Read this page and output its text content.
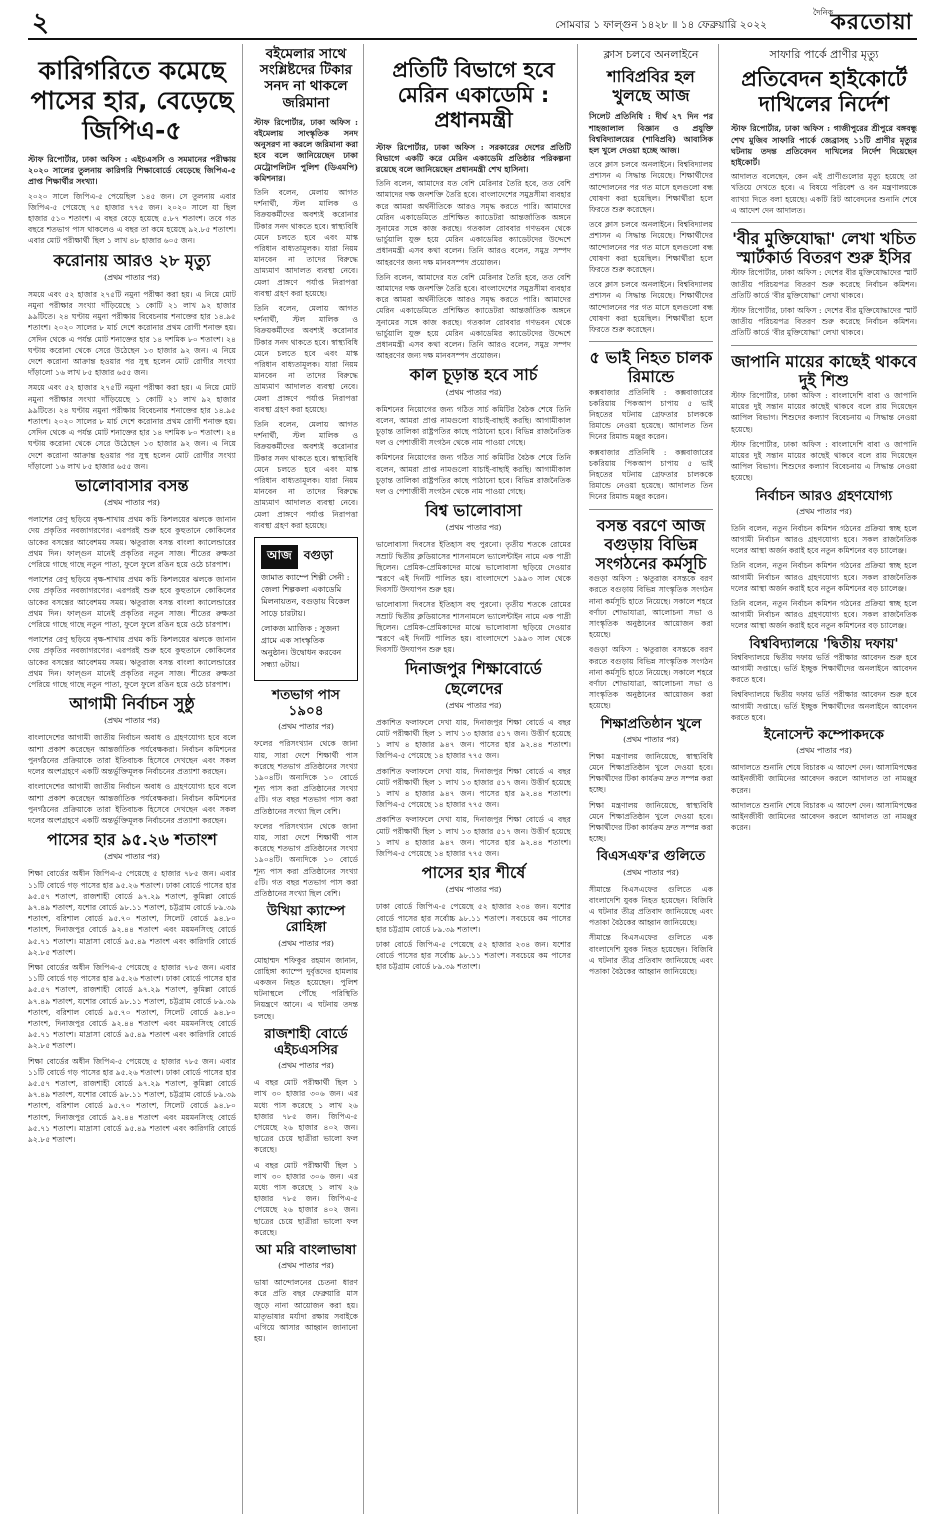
২	সোমবার ১ ফাল্গুন ১৪২৮ ॥ ১৪ ফেব্রুয়ারি ২০২২
দৈনিক
করতোয়া
কারিগরিতে কমেছে পাসের হার, বেড়েছে জিপিএ-৫
স্টাফ রিপোর্টার, ঢাকা অফিস : এইচএসসি ও সমমানের পরীক্ষায় ২০২০ সালের তুলনায় কারিগরি শিক্ষাবোর্ডে বেড়েছে জিপিএ-৫ প্রাপ্ত শিক্ষার্থীর সংখ্যা।
২০২০ সালে জিপিএ-৫ পেয়েছিল ১৪৫ জন। সে তুলনায় এবার জিপিএ-৫ পেয়েছে ৭৫ হাজার ৭৭৫ জন। ২০২০ সালে যা ছিল হাজার ৫১০ শতাংশ। এ বছর বেড়ে হয়েছে ৫.৮৭ শতাংশ। তবে গত বছরে শতভাগ পাস থাকলেও এ বছর তা কমে হয়েছে ৯২.৮৫ শতাংশ। এবার মোট পরীক্ষার্থী ছিল ১ লাখ ৪৮ হাজার ৬০৫ জন।
করোনায় আরও ২৮ মৃত্যু
(প্রথম পাতার পর)
সময়ে এবং ৫২ হাজার ২৭৫টি নমুনা পরীক্ষা করা হয়। এ নিয়ে মোট নমুনা পরীক্ষার সংখ্যা দাঁড়িয়েছে ১ কোটি ২১ লাখ ৯২ হাজার ৯৯টিতে। ২৪ ঘণ্টায় নমুনা পরীক্ষায় বিবেচনায় শনাক্তের হার ১৪.৯৫ শতাংশ। ২০২০ সালের ৮ মার্চ দেশে করোনার প্রথম রোগী শনাক্ত হয়। সেদিন থেকে এ পর্যন্ত মোট শনাক্তের হার ১৪ দশমিক ৮০ শতাংশ। ২৪ ঘণ্টায় করোনা থেকে সেরে উঠেছেন ১৩ হাজার ৯২ জন। এ নিয়ে দেশে করোনা আক্রান্ত হওয়ার পর সুস্থ হলেন মোট রোগীর সংখ্যা দাঁড়ালো ১৬ লাখ ৮৫ হাজার ৬৫৫ জন।
সময়ে এবং ৫২ হাজার ২৭৫টি নমুনা পরীক্ষা করা হয়। এ নিয়ে মোট নমুনা পরীক্ষার সংখ্যা দাঁড়িয়েছে ১ কোটি ২১ লাখ ৯২ হাজার ৯৯টিতে। ২৪ ঘণ্টায় নমুনা পরীক্ষায় বিবেচনায় শনাক্তের হার ১৪.৯৫ শতাংশ। ২০২০ সালের ৮ মার্চ দেশে করোনার প্রথম রোগী শনাক্ত হয়। সেদিন থেকে এ পর্যন্ত মোট শনাক্তের হার ১৪ দশমিক ৮০ শতাংশ। ২৪ ঘণ্টায় করোনা থেকে সেরে উঠেছেন ১৩ হাজার ৯২ জন। এ নিয়ে দেশে করোনা আক্রান্ত হওয়ার পর সুস্থ হলেন মোট রোগীর সংখ্যা দাঁড়ালো ১৬ লাখ ৮৫ হাজার ৬৫৫ জন।
ভালোবাসার বসন্ত
(প্রথম পাতার পর)
পলাশের রেণু ছড়িয়ে বৃক্ষ-শাখায় প্রথম কচি কিশলয়ের ঝলকে জানান দেয় প্রকৃতির নবজাগরণের। এরপরই শুরু হবে কুহুতানে কোকিলের ডাকের বসন্তের আবেশময় সময়। ঋতুরাজ বসন্ত বাংলা ক্যালেন্ডারের প্রথম দিন। ফাল্গুন মানেই প্রকৃতির নতুন সাজ। শীতের রুক্ষতা পেরিয়ে গাছে গাছে নতুন পাতা, ফুলে ফুলে রঙিন হয়ে ওঠে চারপাশ।
পলাশের রেণু ছড়িয়ে বৃক্ষ-শাখায় প্রথম কচি কিশলয়ের ঝলকে জানান দেয় প্রকৃতির নবজাগরণের। এরপরই শুরু হবে কুহুতানে কোকিলের ডাকের বসন্তের আবেশময় সময়। ঋতুরাজ বসন্ত বাংলা ক্যালেন্ডারের প্রথম দিন। ফাল্গুন মানেই প্রকৃতির নতুন সাজ। শীতের রুক্ষতা পেরিয়ে গাছে গাছে নতুন পাতা, ফুলে ফুলে রঙিন হয়ে ওঠে চারপাশ।
পলাশের রেণু ছড়িয়ে বৃক্ষ-শাখায় প্রথম কচি কিশলয়ের ঝলকে জানান দেয় প্রকৃতির নবজাগরণের। এরপরই শুরু হবে কুহুতানে কোকিলের ডাকের বসন্তের আবেশময় সময়। ঋতুরাজ বসন্ত বাংলা ক্যালেন্ডারের প্রথম দিন। ফাল্গুন মানেই প্রকৃতির নতুন সাজ। শীতের রুক্ষতা পেরিয়ে গাছে গাছে নতুন পাতা, ফুলে ফুলে রঙিন হয়ে ওঠে চারপাশ।
আগামী নির্বাচন সুষ্ঠু
(প্রথম পাতার পর)
বাংলাদেশের আগামী জাতীয় নির্বাচন অবাধ ও গ্রহণযোগ্য হবে বলে আশা প্রকাশ করেছেন আন্তর্জাতিক পর্যবেক্ষকরা। নির্বাচন কমিশনের পুনর্গঠনের প্রক্রিয়াকে তারা ইতিবাচক হিসেবে দেখছেন এবং সকল দলের অংশগ্রহণে একটি অন্তর্ভুক্তিমূলক নির্বাচনের প্রত্যাশা করছেন।
বাংলাদেশের আগামী জাতীয় নির্বাচন অবাধ ও গ্রহণযোগ্য হবে বলে আশা প্রকাশ করেছেন আন্তর্জাতিক পর্যবেক্ষকরা। নির্বাচন কমিশনের পুনর্গঠনের প্রক্রিয়াকে তারা ইতিবাচক হিসেবে দেখছেন এবং সকল দলের অংশগ্রহণে একটি অন্তর্ভুক্তিমূলক নির্বাচনের প্রত্যাশা করছেন।
পাসের হার ৯৫.২৬ শতাংশ
(প্রথম পাতার পর)
শিক্ষা বোর্ডের অধীন জিপিএ-৫ পেয়েছে ৫ হাজার ৭৮৫ জন। এবার ১১টি বোর্ডে গড় পাসের হার ৯৫.২৬ শতাংশ। ঢাকা বোর্ডে পাসের হার ৯৫.৫৭ শতাংশ, রাজশাহী বোর্ডে ৯৭.২৯ শতাংশ, কুমিল্লা বোর্ডে ৯৭.৪৯ শতাংশ, যশোর বোর্ডে ৯৮.১১ শতাংশ, চট্টগ্রাম বোর্ডে ৮৯.৩৯ শতাংশ, বরিশাল বোর্ডে ৯৫.৭০ শতাংশ, সিলেট বোর্ডে ৯৪.৮০ শতাংশ, দিনাজপুর বোর্ডে ৯২.৪৪ শতাংশ এবং ময়মনসিংহ বোর্ডে ৯৫.৭১ শতাংশ। মাদ্রাসা বোর্ডে ৯৫.৪৯ শতাংশ এবং কারিগরি বোর্ডে ৯২.৮৫ শতাংশ।
শিক্ষা বোর্ডের অধীন জিপিএ-৫ পেয়েছে ৫ হাজার ৭৮৫ জন। এবার ১১টি বোর্ডে গড় পাসের হার ৯৫.২৬ শতাংশ। ঢাকা বোর্ডে পাসের হার ৯৫.৫৭ শতাংশ, রাজশাহী বোর্ডে ৯৭.২৯ শতাংশ, কুমিল্লা বোর্ডে ৯৭.৪৯ শতাংশ, যশোর বোর্ডে ৯৮.১১ শতাংশ, চট্টগ্রাম বোর্ডে ৮৯.৩৯ শতাংশ, বরিশাল বোর্ডে ৯৫.৭০ শতাংশ, সিলেট বোর্ডে ৯৪.৮০ শতাংশ, দিনাজপুর বোর্ডে ৯২.৪৪ শতাংশ এবং ময়মনসিংহ বোর্ডে ৯৫.৭১ শতাংশ। মাদ্রাসা বোর্ডে ৯৫.৪৯ শতাংশ এবং কারিগরি বোর্ডে ৯২.৮৫ শতাংশ।
শিক্ষা বোর্ডের অধীন জিপিএ-৫ পেয়েছে ৫ হাজার ৭৮৫ জন। এবার ১১টি বোর্ডে গড় পাসের হার ৯৫.২৬ শতাংশ। ঢাকা বোর্ডে পাসের হার ৯৫.৫৭ শতাংশ, রাজশাহী বোর্ডে ৯৭.২৯ শতাংশ, কুমিল্লা বোর্ডে ৯৭.৪৯ শতাংশ, যশোর বোর্ডে ৯৮.১১ শতাংশ, চট্টগ্রাম বোর্ডে ৮৯.৩৯ শতাংশ, বরিশাল বোর্ডে ৯৫.৭০ শতাংশ, সিলেট বোর্ডে ৯৪.৮০ শতাংশ, দিনাজপুর বোর্ডে ৯২.৪৪ শতাংশ এবং ময়মনসিংহ বোর্ডে ৯৫.৭১ শতাংশ। মাদ্রাসা বোর্ডে ৯৫.৪৯ শতাংশ এবং কারিগরি বোর্ডে ৯২.৮৫ শতাংশ।
বইমেলার সাথে সংশ্লিষ্টদের টিকার সনদ না থাকলে জরিমানা
স্টাফ রিপোর্টার, ঢাকা অফিস : বইমেলায় সাংস্কৃতিক সনদ অনুসরণ না করলে জরিমানা করা হবে বলে জানিয়েছেন ঢাকা মেট্রোপলিটন পুলিশ (ডিএমপি) কমিশনার।
তিনি বলেন, মেলায় আগত দর্শনার্থী, স্টল মালিক ও বিক্রয়কর্মীদের অবশ্যই করোনার টিকার সনদ থাকতে হবে। স্বাস্থ্যবিধি মেনে চলতে হবে এবং মাস্ক পরিধান বাধ্যতামূলক। যারা নিয়ম মানবেন না তাদের বিরুদ্ধে ভ্রাম্যমাণ আদালত ব্যবস্থা নেবে। মেলা প্রাঙ্গণে পর্যাপ্ত নিরাপত্তা ব্যবস্থা গ্রহণ করা হয়েছে।
তিনি বলেন, মেলায় আগত দর্শনার্থী, স্টল মালিক ও বিক্রয়কর্মীদের অবশ্যই করোনার টিকার সনদ থাকতে হবে। স্বাস্থ্যবিধি মেনে চলতে হবে এবং মাস্ক পরিধান বাধ্যতামূলক। যারা নিয়ম মানবেন না তাদের বিরুদ্ধে ভ্রাম্যমাণ আদালত ব্যবস্থা নেবে। মেলা প্রাঙ্গণে পর্যাপ্ত নিরাপত্তা ব্যবস্থা গ্রহণ করা হয়েছে।
তিনি বলেন, মেলায় আগত দর্শনার্থী, স্টল মালিক ও বিক্রয়কর্মীদের অবশ্যই করোনার টিকার সনদ থাকতে হবে। স্বাস্থ্যবিধি মেনে চলতে হবে এবং মাস্ক পরিধান বাধ্যতামূলক। যারা নিয়ম মানবেন না তাদের বিরুদ্ধে ভ্রাম্যমাণ আদালত ব্যবস্থা নেবে। মেলা প্রাঙ্গণে পর্যাপ্ত নিরাপত্তা ব্যবস্থা গ্রহণ করা হয়েছে।
আজ বগুড়া
জামাত ক্যাম্পে শিল্পী সেনী : জেলা শিল্পকলা একাডেমি মিলনায়তন, বগুড়ায় বিকেল সাড়ে চারটায়।
লোকজ ম্যাজিক : সুজনা গ্রামে এক সাংস্কৃতিক অনুষ্ঠান। উদ্বোধন করবেন সন্ধ্যা ৬টায়।
শতভাগ পাস ১৯০৪
(প্রথম পাতার পর)
ফলের পরিসংখ্যান থেকে জানা যায়, সারা দেশে শিক্ষার্থী পাস করেছে শতভাগ প্রতিষ্ঠানের সংখ্যা ১৯০৪টি। অন্যদিকে ১০ বোর্ডে শূন্য পাস করা প্রতিষ্ঠানের সংখ্যা ৫টি। গত বছর শতভাগ পাস করা প্রতিষ্ঠানের সংখ্যা ছিল বেশি।
ফলের পরিসংখ্যান থেকে জানা যায়, সারা দেশে শিক্ষার্থী পাস করেছে শতভাগ প্রতিষ্ঠানের সংখ্যা ১৯০৪টি। অন্যদিকে ১০ বোর্ডে শূন্য পাস করা প্রতিষ্ঠানের সংখ্যা ৫টি। গত বছর শতভাগ পাস করা প্রতিষ্ঠানের সংখ্যা ছিল বেশি।
উখিয়া ক্যাম্পে রোহিঙ্গা
(প্রথম পাতার পর)
মোহাম্মদ শফিকুর রহমান জানান, রোহিঙ্গা ক্যাম্পে দুর্বৃত্তদের হামলায় একজন নিহত হয়েছেন। পুলিশ ঘটনাস্থলে পৌঁছে পরিস্থিতি নিয়ন্ত্রণে আনে। এ ঘটনায় তদন্ত চলছে।
রাজশাহী বোর্ডে এইচএসসির
(প্রথম পাতার পর)
এ বছর মোট পরীক্ষার্থী ছিল ১ লাখ ৩০ হাজার ৩০৬ জন। এর মধ্যে পাস করেছে ১ লাখ ২৬ হাজার ৭৮৫ জন। জিপিএ-৫ পেয়েছে ২৬ হাজার ৪০২ জন। ছাত্রের চেয়ে ছাত্রীরা ভালো ফল করেছে।
এ বছর মোট পরীক্ষার্থী ছিল ১ লাখ ৩০ হাজার ৩০৬ জন। এর মধ্যে পাস করেছে ১ লাখ ২৬ হাজার ৭৮৫ জন। জিপিএ-৫ পেয়েছে ২৬ হাজার ৪০২ জন। ছাত্রের চেয়ে ছাত্রীরা ভালো ফল করেছে।
আ মরি বাংলাভাষা
(প্রথম পাতার পর)
ভাষা আন্দোলনের চেতনা ধারণ করে প্রতি বছর ফেব্রুয়ারি মাস জুড়ে নানা আয়োজন করা হয়। মাতৃভাষার মর্যাদা রক্ষায় সবাইকে এগিয়ে আসার আহ্বান জানানো হয়।
প্রতিটি বিভাগে হবে মেরিন একাডেমি : প্রধানমন্ত্রী
স্টাফ রিপোর্টার, ঢাকা অফিস : সরকারের দেশের প্রতিটি বিভাগে একটি করে মেরিন একাডেমি প্রতিষ্ঠার পরিকল্পনা রয়েছে বলে জানিয়েছেন প্রধানমন্ত্রী শেখ হাসিনা।
তিনি বলেন, আমাদের যত বেশি মেরিনার তৈরি হবে, তত বেশি আমাদের দক্ষ জনশক্তি তৈরি হবে। বাংলাদেশের সমুদ্রসীমা ব্যবহার করে আমরা অর্থনীতিকে আরও সমৃদ্ধ করতে পারি। আমাদের মেরিন একাডেমিতে প্রশিক্ষিত ক্যাডেটরা আন্তর্জাতিক অঙ্গনে সুনামের সঙ্গে কাজ করছে। গতকাল রোববার গণভবন থেকে ভার্চুয়ালি যুক্ত হয়ে মেরিন একাডেমির ক্যাডেটদের উদ্দেশে প্রধানমন্ত্রী এসব কথা বলেন। তিনি আরও বলেন, সমুদ্র সম্পদ আহরণের জন্য দক্ষ মানবসম্পদ প্রয়োজন।
তিনি বলেন, আমাদের যত বেশি মেরিনার তৈরি হবে, তত বেশি আমাদের দক্ষ জনশক্তি তৈরি হবে। বাংলাদেশের সমুদ্রসীমা ব্যবহার করে আমরা অর্থনীতিকে আরও সমৃদ্ধ করতে পারি। আমাদের মেরিন একাডেমিতে প্রশিক্ষিত ক্যাডেটরা আন্তর্জাতিক অঙ্গনে সুনামের সঙ্গে কাজ করছে। গতকাল রোববার গণভবন থেকে ভার্চুয়ালি যুক্ত হয়ে মেরিন একাডেমির ক্যাডেটদের উদ্দেশে প্রধানমন্ত্রী এসব কথা বলেন। তিনি আরও বলেন, সমুদ্র সম্পদ আহরণের জন্য দক্ষ মানবসম্পদ প্রয়োজন।
কাল চূড়ান্ত হবে সার্চ
(প্রথম পাতার পর)
কমিশনের নিয়োগের জন্য গঠিত সার্চ কমিটির বৈঠক শেষে তিনি বলেন, আমরা প্রাপ্ত নামগুলো যাচাই-বাছাই করছি। আগামীকাল চূড়ান্ত তালিকা রাষ্ট্রপতির কাছে পাঠানো হবে। বিভিন্ন রাজনৈতিক দল ও পেশাজীবী সংগঠন থেকে নাম পাওয়া গেছে।
কমিশনের নিয়োগের জন্য গঠিত সার্চ কমিটির বৈঠক শেষে তিনি বলেন, আমরা প্রাপ্ত নামগুলো যাচাই-বাছাই করছি। আগামীকাল চূড়ান্ত তালিকা রাষ্ট্রপতির কাছে পাঠানো হবে। বিভিন্ন রাজনৈতিক দল ও পেশাজীবী সংগঠন থেকে নাম পাওয়া গেছে।
বিশ্ব ভালোবাসা
(প্রথম পাতার পর)
ভালোবাসা দিবসের ইতিহাস বহু পুরনো। তৃতীয় শতকে রোমের সম্রাট দ্বিতীয় ক্লডিয়াসের শাসনামলে ভ্যালেন্টাইন নামে এক পাদ্রী ছিলেন। প্রেমিক-প্রেমিকাদের মাঝে ভালোবাসা ছড়িয়ে দেওয়ার স্মরণে এই দিনটি পালিত হয়। বাংলাদেশে ১৯৯৩ সাল থেকে দিবসটি উদযাপন শুরু হয়।
ভালোবাসা দিবসের ইতিহাস বহু পুরনো। তৃতীয় শতকে রোমের সম্রাট দ্বিতীয় ক্লডিয়াসের শাসনামলে ভ্যালেন্টাইন নামে এক পাদ্রী ছিলেন। প্রেমিক-প্রেমিকাদের মাঝে ভালোবাসা ছড়িয়ে দেওয়ার স্মরণে এই দিনটি পালিত হয়। বাংলাদেশে ১৯৯৩ সাল থেকে দিবসটি উদযাপন শুরু হয়।
দিনাজপুর শিক্ষাবোর্ডে ছেলেদের
(প্রথম পাতার পর)
প্রকাশিত ফলাফলে দেখা যায়, দিনাজপুর শিক্ষা বোর্ডে এ বছর মোট পরীক্ষার্থী ছিল ১ লাখ ১৩ হাজার ৫১৭ জন। উত্তীর্ণ হয়েছে ১ লাখ ৪ হাজার ৯৪৭ জন। পাসের হার ৯২.৪৪ শতাংশ। জিপিএ-৫ পেয়েছে ১৪ হাজার ৭৭৫ জন।
প্রকাশিত ফলাফলে দেখা যায়, দিনাজপুর শিক্ষা বোর্ডে এ বছর মোট পরীক্ষার্থী ছিল ১ লাখ ১৩ হাজার ৫১৭ জন। উত্তীর্ণ হয়েছে ১ লাখ ৪ হাজার ৯৪৭ জন। পাসের হার ৯২.৪৪ শতাংশ। জিপিএ-৫ পেয়েছে ১৪ হাজার ৭৭৫ জন।
প্রকাশিত ফলাফলে দেখা যায়, দিনাজপুর শিক্ষা বোর্ডে এ বছর মোট পরীক্ষার্থী ছিল ১ লাখ ১৩ হাজার ৫১৭ জন। উত্তীর্ণ হয়েছে ১ লাখ ৪ হাজার ৯৪৭ জন। পাসের হার ৯২.৪৪ শতাংশ। জিপিএ-৫ পেয়েছে ১৪ হাজার ৭৭৫ জন।
পাসের হার শীর্ষে
(প্রথম পাতার পর)
ঢাকা বোর্ডে জিপিএ-৫ পেয়েছে ৫২ হাজার ২৩৪ জন। যশোর বোর্ডে পাসের হার সর্বোচ্চ ৯৮.১১ শতাংশ। সবচেয়ে কম পাসের হার চট্টগ্রাম বোর্ডে ৮৯.৩৯ শতাংশ।
ঢাকা বোর্ডে জিপিএ-৫ পেয়েছে ৫২ হাজার ২৩৪ জন। যশোর বোর্ডে পাসের হার সর্বোচ্চ ৯৮.১১ শতাংশ। সবচেয়ে কম পাসের হার চট্টগ্রাম বোর্ডে ৮৯.৩৯ শতাংশ।
ক্লাস চলবে অনলাইনে
শাবিপ্রবির হল খুলছে আজ
সিলেট প্রতিনিধি : দীর্ঘ ২৭ দিন পর শাহজালাল বিজ্ঞান ও প্রযুক্তি বিশ্ববিদ্যালয়ের (শাবিপ্রবি) আবাসিক হল খুলে দেওয়া হচ্ছে আজ।
তবে ক্লাস চলবে অনলাইনে। বিশ্ববিদ্যালয় প্রশাসন এ সিদ্ধান্ত নিয়েছে। শিক্ষার্থীদের আন্দোলনের পর গত মাসে হলগুলো বন্ধ ঘোষণা করা হয়েছিল। শিক্ষার্থীরা হলে ফিরতে শুরু করেছেন।
তবে ক্লাস চলবে অনলাইনে। বিশ্ববিদ্যালয় প্রশাসন এ সিদ্ধান্ত নিয়েছে। শিক্ষার্থীদের আন্দোলনের পর গত মাসে হলগুলো বন্ধ ঘোষণা করা হয়েছিল। শিক্ষার্থীরা হলে ফিরতে শুরু করেছেন।
তবে ক্লাস চলবে অনলাইনে। বিশ্ববিদ্যালয় প্রশাসন এ সিদ্ধান্ত নিয়েছে। শিক্ষার্থীদের আন্দোলনের পর গত মাসে হলগুলো বন্ধ ঘোষণা করা হয়েছিল। শিক্ষার্থীরা হলে ফিরতে শুরু করেছেন।
৫ ভাই নিহত চালক রিমান্ডে
কক্সবাজার প্রতিনিধি : কক্সবাজারের চকরিয়ায় পিকআপ চাপায় ৫ ভাই নিহতের ঘটনায় গ্রেফতার চালককে রিমান্ডে নেওয়া হয়েছে। আদালত তিন দিনের রিমান্ড মঞ্জুর করেন।
কক্সবাজার প্রতিনিধি : কক্সবাজারের চকরিয়ায় পিকআপ চাপায় ৫ ভাই নিহতের ঘটনায় গ্রেফতার চালককে রিমান্ডে নেওয়া হয়েছে। আদালত তিন দিনের রিমান্ড মঞ্জুর করেন।
বসন্ত বরণে আজ বগুড়ায় বিভিন্ন সংগঠনের কর্মসূচি
বগুড়া অফিস : ঋতুরাজ বসন্তকে বরণ করতে বগুড়ায় বিভিন্ন সাংস্কৃতিক সংগঠন নানা কর্মসূচি হাতে নিয়েছে। সকালে শহরে বর্ণাঢ্য শোভাযাত্রা, আলোচনা সভা ও সাংস্কৃতিক অনুষ্ঠানের আয়োজন করা হয়েছে।
বগুড়া অফিস : ঋতুরাজ বসন্তকে বরণ করতে বগুড়ায় বিভিন্ন সাংস্কৃতিক সংগঠন নানা কর্মসূচি হাতে নিয়েছে। সকালে শহরে বর্ণাঢ্য শোভাযাত্রা, আলোচনা সভা ও সাংস্কৃতিক অনুষ্ঠানের আয়োজন করা হয়েছে।
শিক্ষাপ্রতিষ্ঠান খুলে
(প্রথম পাতার পর)
শিক্ষা মন্ত্রণালয় জানিয়েছে, স্বাস্থ্যবিধি মেনে শিক্ষাপ্রতিষ্ঠান খুলে দেওয়া হবে। শিক্ষার্থীদের টিকা কার্যক্রম দ্রুত সম্পন্ন করা হচ্ছে।
শিক্ষা মন্ত্রণালয় জানিয়েছে, স্বাস্থ্যবিধি মেনে শিক্ষাপ্রতিষ্ঠান খুলে দেওয়া হবে। শিক্ষার্থীদের টিকা কার্যক্রম দ্রুত সম্পন্ন করা হচ্ছে।
বিএসএফ'র গুলিতে
(প্রথম পাতার পর)
সীমান্তে বিএসএফের গুলিতে এক বাংলাদেশি যুবক নিহত হয়েছেন। বিজিবি এ ঘটনার তীব্র প্রতিবাদ জানিয়েছে এবং পতাকা বৈঠকের আহ্বান জানিয়েছে।
সীমান্তে বিএসএফের গুলিতে এক বাংলাদেশি যুবক নিহত হয়েছেন। বিজিবি এ ঘটনার তীব্র প্রতিবাদ জানিয়েছে এবং পতাকা বৈঠকের আহ্বান জানিয়েছে।
সাফারি পার্কে প্রাণীর মৃত্যু
প্রতিবেদন হাইকোর্টে দাখিলের নির্দেশ
স্টাফ রিপোর্টার, ঢাকা অফিস : গাজীপুরের শ্রীপুরে বঙ্গবন্ধু শেখ মুজিব সাফারি পার্কে জেব্রাসহ ১১টি প্রাণীর মৃত্যুর ঘটনায় তদন্ত প্রতিবেদন দাখিলের নির্দেশ দিয়েছেন হাইকোর্ট।
আদালত বলেছেন, কেন এই প্রাণীগুলোর মৃত্যু হয়েছে তা খতিয়ে দেখতে হবে। এ বিষয়ে পরিবেশ ও বন মন্ত্রণালয়কে ব্যাখ্যা দিতে বলা হয়েছে। একটি রিট আবেদনের শুনানি শেষে এ আদেশ দেন আদালত।
'বীর মুক্তিযোদ্ধা' লেখা খচিত স্মার্টকার্ড বিতরণ শুরু ইসির
স্টাফ রিপোর্টার, ঢাকা অফিস : দেশের বীর মুক্তিযোদ্ধাদের স্মার্ট জাতীয় পরিচয়পত্র বিতরণ শুরু করেছে নির্বাচন কমিশন। প্রতিটি কার্ডে 'বীর মুক্তিযোদ্ধা' লেখা থাকবে।
স্টাফ রিপোর্টার, ঢাকা অফিস : দেশের বীর মুক্তিযোদ্ধাদের স্মার্ট জাতীয় পরিচয়পত্র বিতরণ শুরু করেছে নির্বাচন কমিশন। প্রতিটি কার্ডে 'বীর মুক্তিযোদ্ধা' লেখা থাকবে।
জাপানি মায়ের কাছেই থাকবে দুই শিশু
স্টাফ রিপোর্টার, ঢাকা অফিস : বাংলাদেশি বাবা ও জাপানি মায়ের দুই সন্তান মায়ের কাছেই থাকবে বলে রায় দিয়েছেন আপিল বিভাগ। শিশুদের কল্যাণ বিবেচনায় এ সিদ্ধান্ত নেওয়া হয়েছে।
স্টাফ রিপোর্টার, ঢাকা অফিস : বাংলাদেশি বাবা ও জাপানি মায়ের দুই সন্তান মায়ের কাছেই থাকবে বলে রায় দিয়েছেন আপিল বিভাগ। শিশুদের কল্যাণ বিবেচনায় এ সিদ্ধান্ত নেওয়া হয়েছে।
নির্বাচন আরও গ্রহণযোগ্য
(প্রথম পাতার পর)
তিনি বলেন, নতুন নির্বাচন কমিশন গঠনের প্রক্রিয়া স্বচ্ছ হলে আগামী নির্বাচন আরও গ্রহণযোগ্য হবে। সকল রাজনৈতিক দলের আস্থা অর্জন করাই হবে নতুন কমিশনের বড় চ্যালেঞ্জ।
তিনি বলেন, নতুন নির্বাচন কমিশন গঠনের প্রক্রিয়া স্বচ্ছ হলে আগামী নির্বাচন আরও গ্রহণযোগ্য হবে। সকল রাজনৈতিক দলের আস্থা অর্জন করাই হবে নতুন কমিশনের বড় চ্যালেঞ্জ।
তিনি বলেন, নতুন নির্বাচন কমিশন গঠনের প্রক্রিয়া স্বচ্ছ হলে আগামী নির্বাচন আরও গ্রহণযোগ্য হবে। সকল রাজনৈতিক দলের আস্থা অর্জন করাই হবে নতুন কমিশনের বড় চ্যালেঞ্জ।
বিশ্ববিদ্যালয়ে 'দ্বিতীয় দফায়'
বিশ্ববিদ্যালয়ে দ্বিতীয় দফায় ভর্তি পরীক্ষার আবেদন শুরু হবে আগামী সপ্তাহে। ভর্তি ইচ্ছুক শিক্ষার্থীদের অনলাইনে আবেদন করতে হবে।
বিশ্ববিদ্যালয়ে দ্বিতীয় দফায় ভর্তি পরীক্ষার আবেদন শুরু হবে আগামী সপ্তাহে। ভর্তি ইচ্ছুক শিক্ষার্থীদের অনলাইনে আবেদন করতে হবে।
ইনোসেন্ট কম্পোকদকে
(প্রথম পাতার পর)
আদালতে শুনানি শেষে বিচারক এ আদেশ দেন। আসামিপক্ষের আইনজীবী জামিনের আবেদন করলে আদালত তা নামঞ্জুর করেন।
আদালতে শুনানি শেষে বিচারক এ আদেশ দেন। আসামিপক্ষের আইনজীবী জামিনের আবেদন করলে আদালত তা নামঞ্জুর করেন।
